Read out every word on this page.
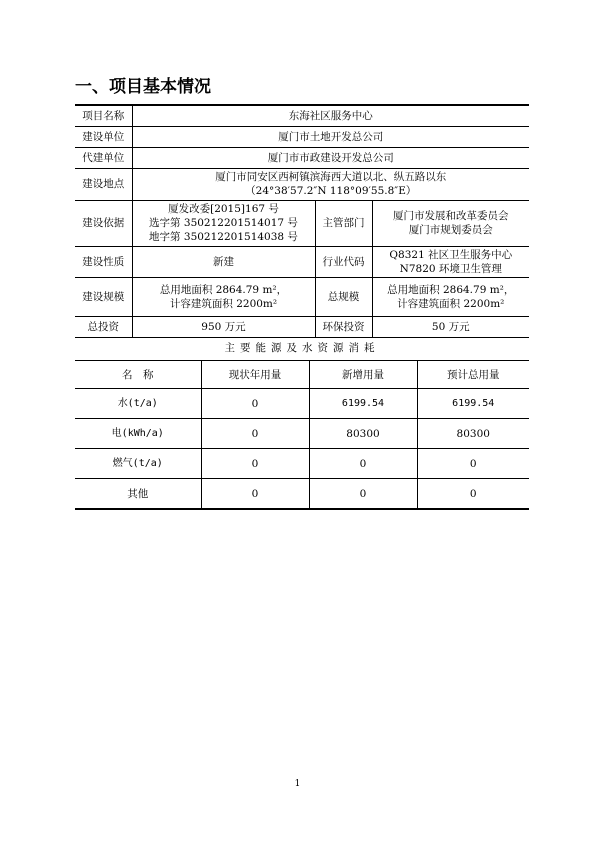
一、项目基本情况
项目名称	东海社区服务中心		
建设单位	厦门市土地开发总公司		
代建单位	厦门市市政建设开发总公司		
建设地点	厦门市同安区西柯镇滨海西大道以北、纵五路以东
（24°38′57.2″N 118°09′55.8″E）		

建设依据	厦发改委[2015]167 号
选字第 350212201514017 号
地字第 350212201514038 号	主管部门	厦门市发展和改革委员会
厦门市规划委员会

建设性质	新建	行业代码	Q8321 社区卫生服务中心
N7820 环境卫生管理

建设规模	总用地面积 2864.79 m²，
计容建筑面积 2200m²	总规模	总用地面积 2864.79 m²，
计容建筑面积 2200m²

总投资	950 万元	环保投资	50 万元
主要能源及水资源消耗
名　称	现状年用量	新增用量	预计总用量
水(t/a)	0	6199.54	6199.54
电(kWh/a)	0	80300	80300
燃气(t/a)	0	0	0
其他	0	0	0
1
